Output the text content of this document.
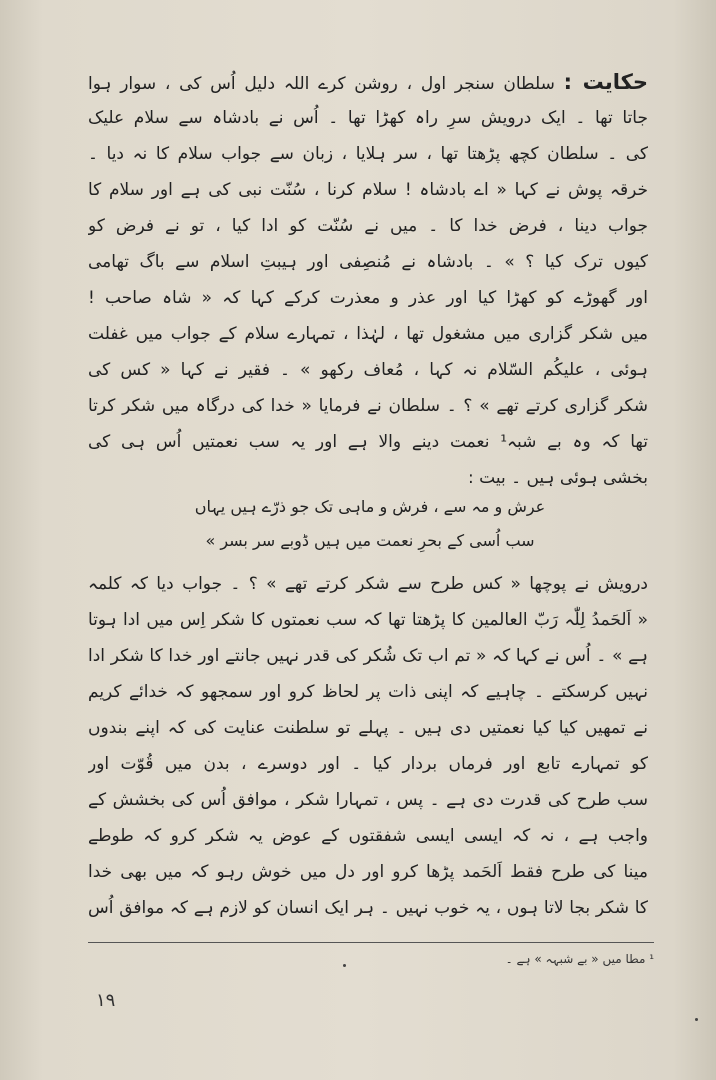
حکایت : سلطان سنجر اول ، روشن کرے اللہ دلیل اُس کی ، سوار ہوا
جاتا تھا ۔ ایک درویش سرِ راہ کھڑا تھا ۔ اُس نے بادشاہ سے سلام علیک
کی ۔ سلطان کچھ پڑھتا تھا ، سر ہلایا ، زبان سے جواب سلام کا نہ دیا ۔
خرقہ پوش نے کہا « اے بادشاہ ! سلام کرنا ، سُنّت نبی کی ہے اور سلام کا
جواب دینا ، فرض خدا کا ۔ میں نے سُنّت کو ادا کیا ، تو نے فرض کو
کیوں ترک کیا ؟ » ۔ بادشاہ نے مُنصِفی اور ہیبتِ اسلام سے باگ تھامی
اور گھوڑے کو کھڑا کیا اور عذر و معذرت کرکے کہا کہ « شاہ صاحب !
میں شکر گزاری میں مشغول تھا ، لہٰذا ، تمہارے سلام کے جواب میں غفلت
ہوئی ، علیکُم السّلام نہ کہا ، مُعاف رکھو » ۔ فقیر نے کہا « کس کی
شکر گزاری کرتے تھے » ؟ ۔ سلطان نے فرمایا « خدا کی درگاہ میں شکر کرتا
تھا کہ وہ بے شبہ¹ نعمت دینے والا ہے اور یہ سب نعمتیں اُس ہی کی
بخشی ہوئی ہیں ۔ بیت :
عرش و مہ سے ، فرش و ماہی تک جو ذرّے ہیں یہاں
سب اُسی کے بحرِ نعمت میں ہیں ڈوبے سر بسر »
درویش نے پوچھا « کس طرح سے شکر کرتے تھے » ؟ ۔ جواب دیا کہ کلمہ
« اَلحَمدُ لِلّٰہ رَبّ العالمین کا پڑھتا تھا کہ سب نعمتوں کا شکر اِس میں ادا ہوتا
ہے » ۔ اُس نے کہا کہ « تم اب تک شُکر کی قدر نہیں جانتے اور خدا کا شکر ادا
نہیں کرسکتے ۔ چاہیے کہ اپنی ذات پر لحاظ کرو اور سمجھو کہ خدائے کریم
نے تمھیں کیا کیا نعمتیں دی ہیں ۔ پہلے تو سلطنت عنایت کی کہ اپنے بندوں
کو تمہارے تابع اور فرماں بردار کیا ۔ اور دوسرے ، بدن میں قُوّت اور
سب طرح کی قدرت دی ہے ۔ پس ، تمہارا شکر ، موافق اُس کی بخشش کے
واجب ہے ، نہ کہ ایسی ایسی شفقتوں کے عوض یہ شکر کرو کہ طوطے
مینا کی طرح فقط اَلحَمد پڑھا کرو اور دل میں خوش رہو کہ میں بھی خدا
کا شکر بجا لاتا ہوں ، یہ خوب نہیں ۔ ہر ایک انسان کو لازم ہے کہ موافق اُس
¹ مطا میں « بے شبہہ » ہے ۔
۱۹
